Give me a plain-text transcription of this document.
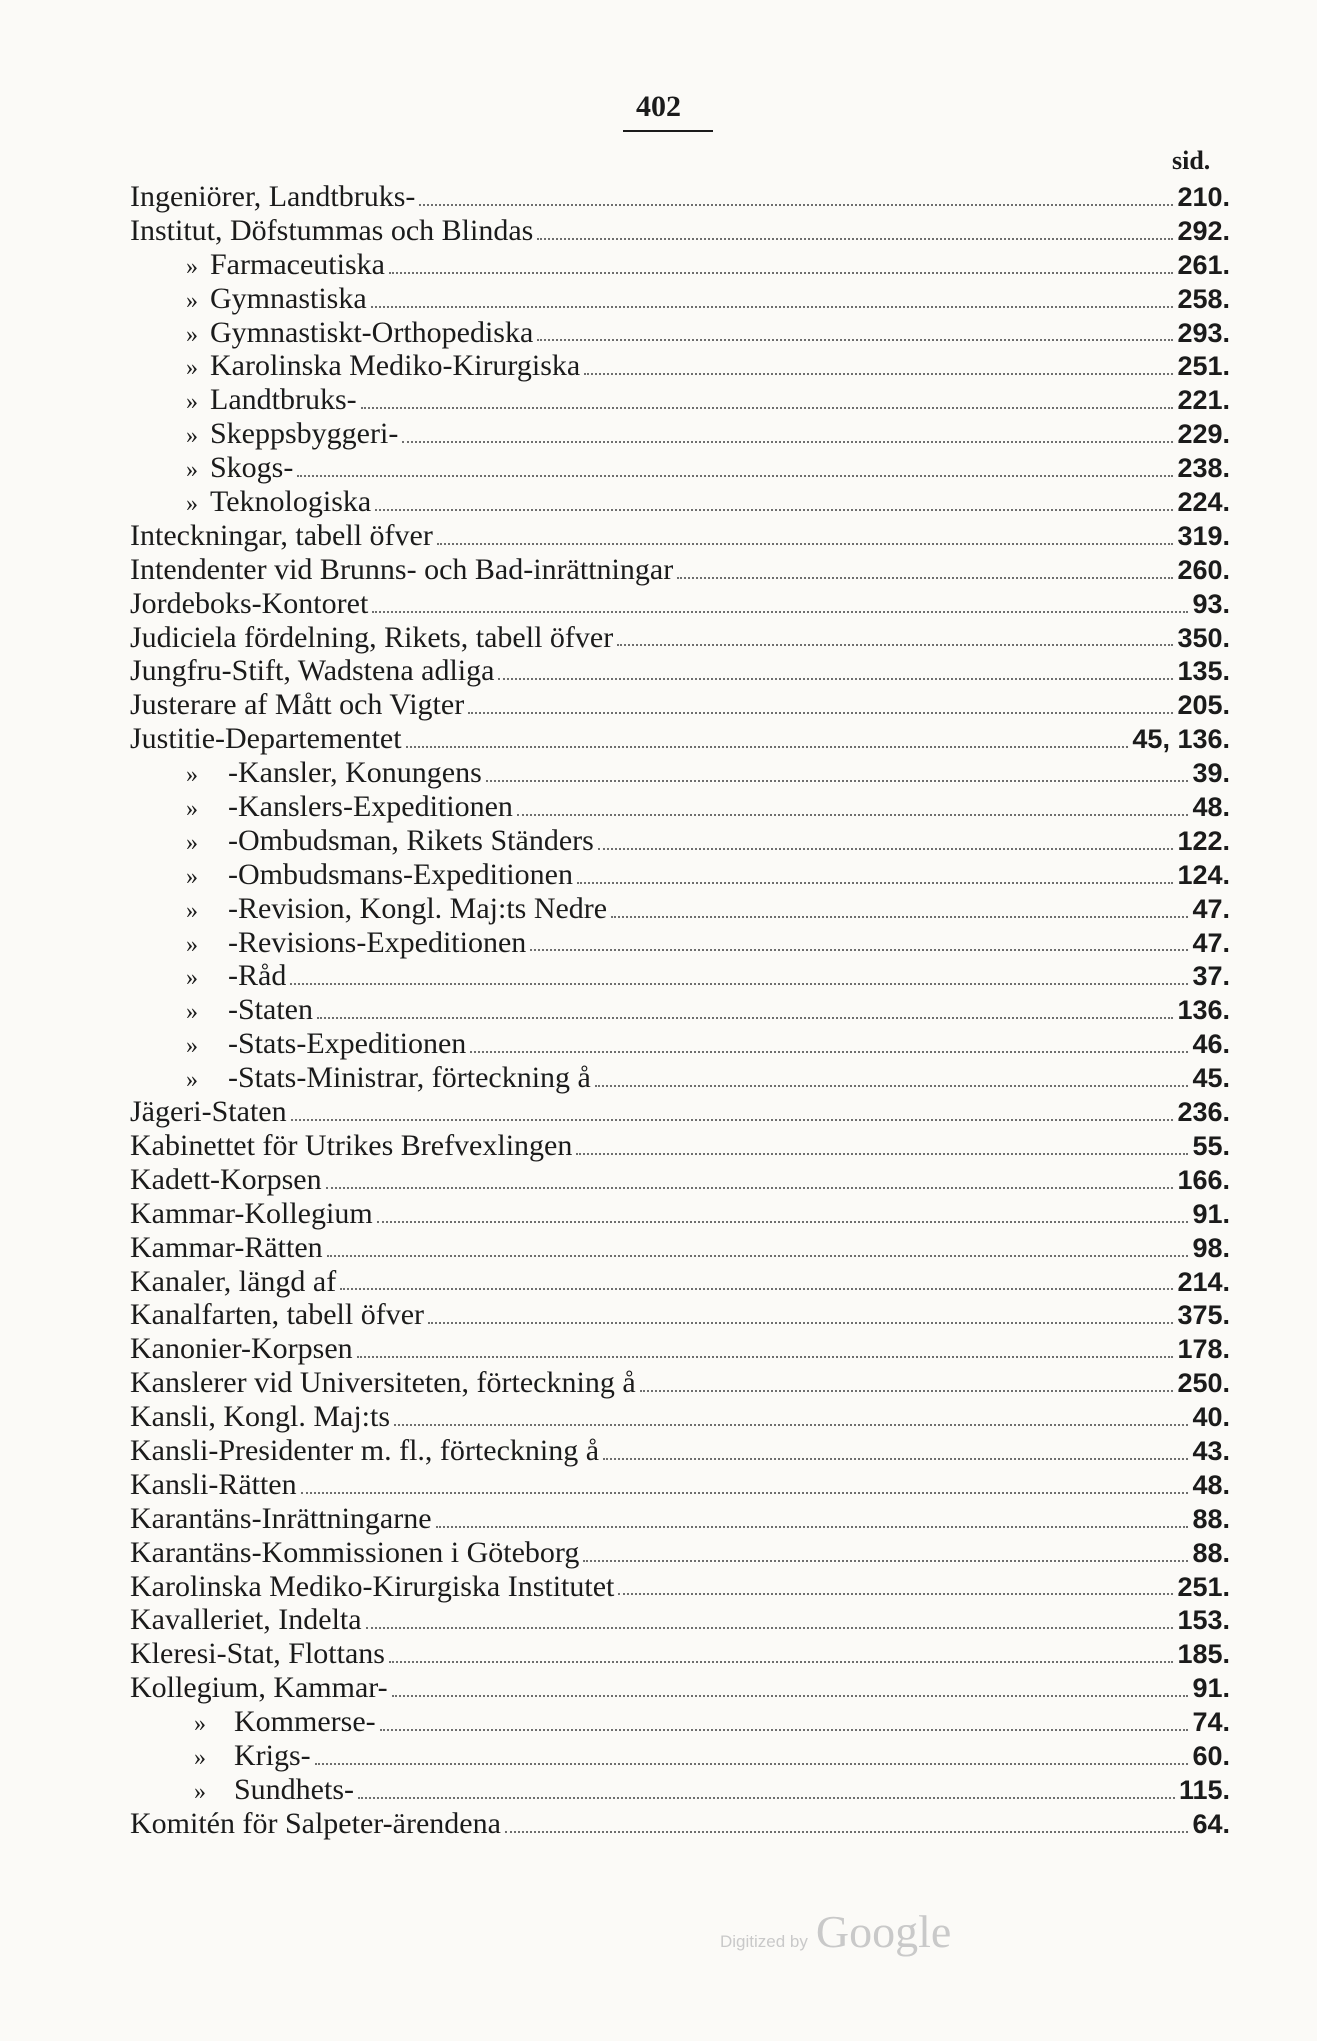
402
sid.
Ingeniörer, Landtbruks-	210.
Institut, Döfstummas och Blindas	292.
» Farmaceutiska	261.
» Gymnastiska	258.
» Gymnastiskt-Orthopediska	293.
» Karolinska Mediko-Kirurgiska	251.
» Landtbruks-	221.
» Skeppsbyggeri-	229.
» Skogs-	238.
» Teknologiska	224.
Inteckningar, tabell öfver	319.
Intendenter vid Brunns- och Bad-inrättningar	260.
Jordeboks-Kontoret	93.
Judiciela fördelning, Rikets, tabell öfver	350.
Jungfru-Stift, Wadstena adliga	135.
Justerare af Mått och Vigter	205.
Justitie-Departementet	45, 136.
»	-Kansler, Konungens	39.
»	-Kanslers-Expeditionen	48.
»	-Ombudsman, Rikets Ständers	122.
»	-Ombudsmans-Expeditionen	124.
»	-Revision, Kongl. Maj:ts Nedre	47.
»	-Revisions-Expeditionen	47.
»	-Råd	37.
»	-Staten	136.
»	-Stats-Expeditionen	46.
»	-Stats-Ministrar, förteckning å	45.
Jägeri-Staten	236.
Kabinettet för Utrikes Brefvexlingen	55.
Kadett-Korpsen	166.
Kammar-Kollegium	91.
Kammar-Rätten	98.
Kanaler, längd af	214.
Kanalfarten, tabell öfver	375.
Kanonier-Korpsen	178.
Kanslerer vid Universiteten, förteckning å	250.
Kansli, Kongl. Maj:ts	40.
Kansli-Presidenter m. fl., förteckning å	43.
Kansli-Rätten	48.
Karantäns-Inrättningarne	88.
Karantäns-Kommissionen i Göteborg	88.
Karolinska Mediko-Kirurgiska Institutet	251.
Kavalleriet, Indelta	153.
Kleresi-Stat, Flottans	185.
Kollegium, Kammar-	91.
» Kommerse-	74.
» Krigs-	60.
» Sundhets-	115.
Komitén för Salpeter-ärendena	64.
Digitized by Google
